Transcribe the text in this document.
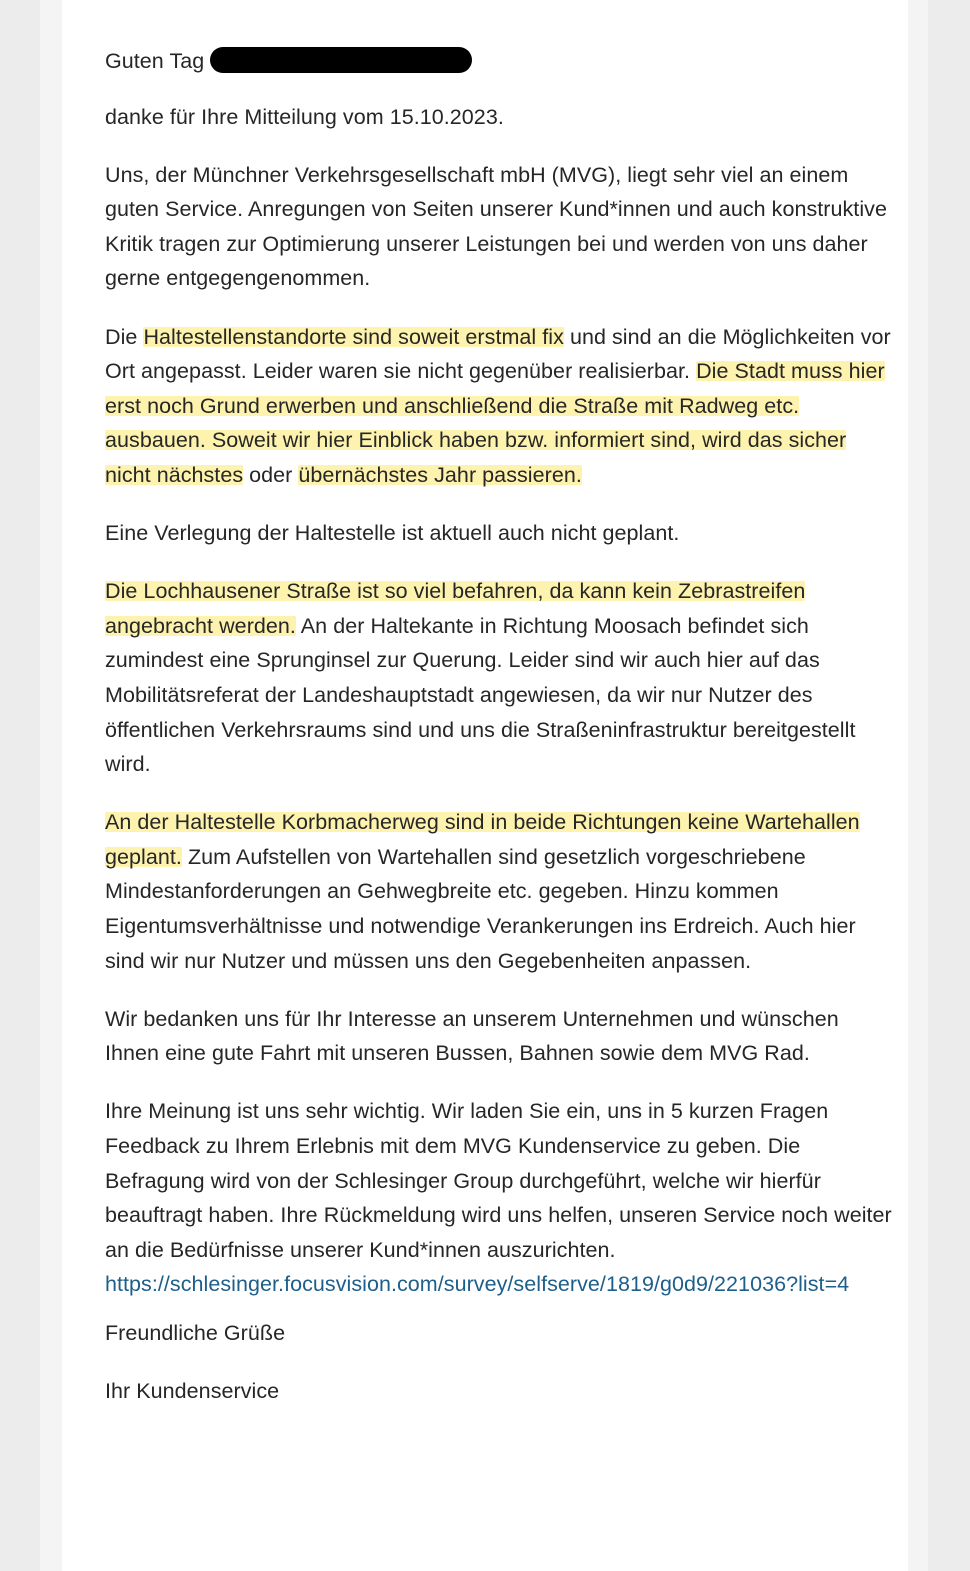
Guten Tag

danke für Ihre Mitteilung vom 15.10.2023.

Uns, der Münchner Verkehrsgesellschaft mbH (MVG), liegt sehr viel an einem guten Service. Anregungen von Seiten unserer Kund*innen und auch konstruktive Kritik tragen zur Optimierung unserer Leistungen bei und werden von uns daher gerne entgegengenommen.

Die Haltestellenstandorte sind soweit erstmal fix und sind an die Möglichkeiten vor Ort angepasst. Leider waren sie nicht gegenüber realisierbar. Die Stadt muss hier erst noch Grund erwerben und anschließend die Straße mit Radweg etc. ausbauen. Soweit wir hier Einblick haben bzw. informiert sind, wird das sicher nicht nächstes oder übernächstes Jahr passieren.

Eine Verlegung der Haltestelle ist aktuell auch nicht geplant.

Die Lochhausener Straße ist so viel befahren, da kann kein Zebrastreifen angebracht werden. An der Haltekante in Richtung Moosach befindet sich zumindest eine Sprunginsel zur Querung. Leider sind wir auch hier auf das Mobilitätsreferat der Landeshauptstadt angewiesen, da wir nur Nutzer des öffentlichen Verkehrsraums sind und uns die Straßeninfrastruktur bereitgestellt wird.

An der Haltestelle Korbmacherweg sind in beide Richtungen keine Wartehallen geplant. Zum Aufstellen von Wartehallen sind gesetzlich vorgeschriebene Mindestanforderungen an Gehwegbreite etc. gegeben. Hinzu kommen Eigentumsverhältnisse und notwendige Verankerungen ins Erdreich. Auch hier sind wir nur Nutzer und müssen uns den Gegebenheiten anpassen.

Wir bedanken uns für Ihr Interesse an unserem Unternehmen und wünschen Ihnen eine gute Fahrt mit unseren Bussen, Bahnen sowie dem MVG Rad.

Ihre Meinung ist uns sehr wichtig. Wir laden Sie ein, uns in 5 kurzen Fragen Feedback zu Ihrem Erlebnis mit dem MVG Kundenservice zu geben. Die Befragung wird von der Schlesinger Group durchgeführt, welche wir hierfür beauftragt haben. Ihre Rückmeldung wird uns helfen, unseren Service noch weiter an die Bedürfnisse unserer Kund*innen auszurichten.
https://schlesinger.focusvision.com/survey/selfserve/1819/g0d9/221036?list=4

Freundliche Grüße

Ihr Kundenservice
